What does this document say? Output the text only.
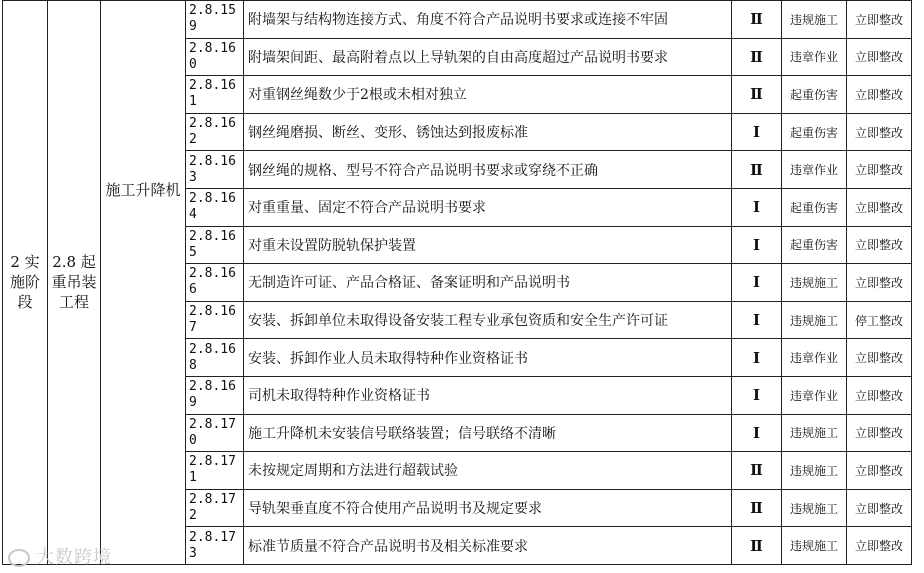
2 实施阶段	2.8 起重吊装工程	施工升降机	2.8.159	附墙架与结构物连接方式、角度不符合产品说明书要求或连接不牢固	Ⅱ	违规施工	立即整改
			2.8.160	附墙架间距、最高附着点以上导轨架的自由高度超过产品说明书要求	Ⅱ	违章作业	立即整改
			2.8.161	对重钢丝绳数少于2根或未相对独立	Ⅱ	起重伤害	立即整改
			2.8.162	钢丝绳磨损、断丝、变形、锈蚀达到报废标准	Ⅰ	起重伤害	立即整改
			2.8.163	钢丝绳的规格、型号不符合产品说明书要求或穿绕不正确	Ⅱ	违章作业	立即整改
			2.8.164	对重重量、固定不符合产品说明书要求	Ⅰ	起重伤害	立即整改
			2.8.165	对重未设置防脱轨保护装置	Ⅰ	起重伤害	立即整改
			2.8.166	无制造许可证、产品合格证、备案证明和产品说明书	Ⅰ	违规施工	立即整改
			2.8.167	安装、拆卸单位未取得设备安装工程专业承包资质和安全生产许可证	Ⅰ	违规施工	停工整改
			2.8.168	安装、拆卸作业人员未取得特种作业资格证书	Ⅰ	违章作业	立即整改
			2.8.169	司机未取得特种作业资格证书	Ⅰ	违章作业	立即整改
			2.8.170	施工升降机未安装信号联络装置；信号联络不清晰	Ⅰ	违规施工	立即整改
			2.8.171	未按规定周期和方法进行超载试验	Ⅱ	违规施工	立即整改
			2.8.172	导轨架垂直度不符合使用产品说明书及规定要求	Ⅱ	违规施工	立即整改
			2.8.173	标准节质量不符合产品说明书及相关标准要求	Ⅱ	违规施工	立即整改
大数跨境
